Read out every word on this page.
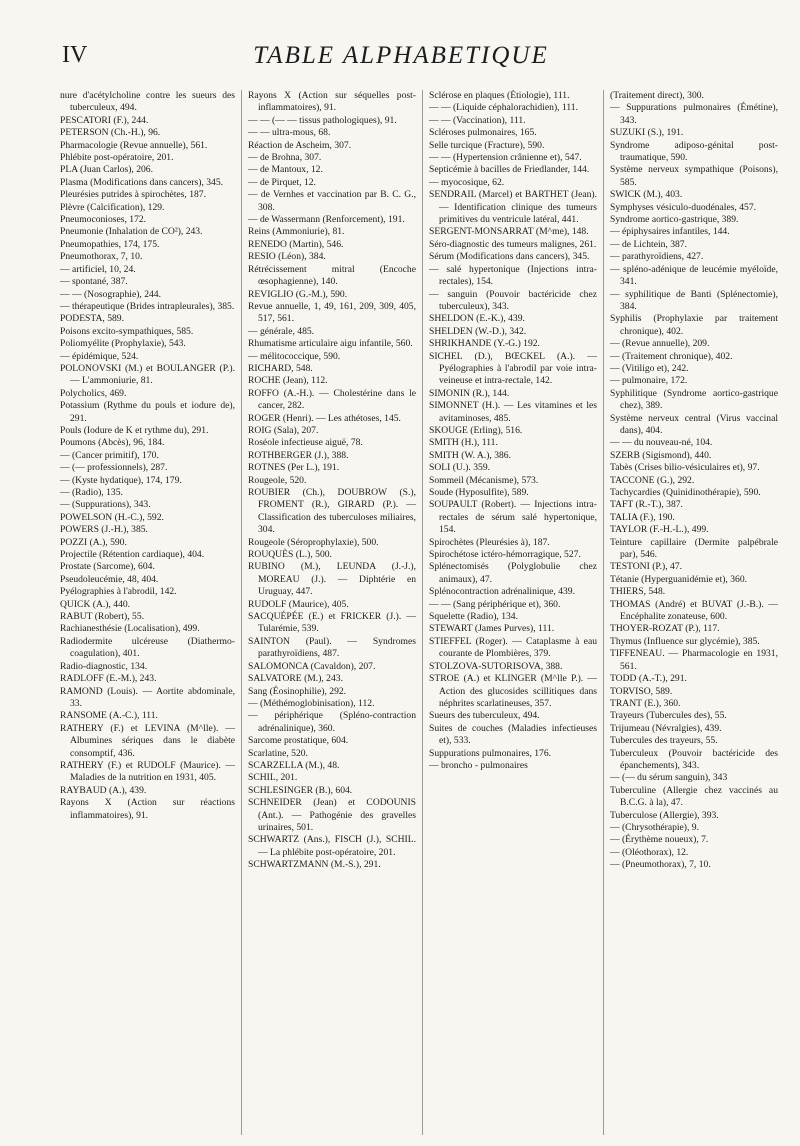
IV	TABLE ALPHABETIQUE

nure d'acétylcholine contre les sueurs des tuberculeux, 494.

PESCATORI (F.), 244.

PETERSON (Ch.-H.), 96.

Pharmacologie (Revue annuelle), 561.

Phlébite post-opératoire, 201.

PLA (Juan Carlos), 206.

Plasma (Modifications dans cancers), 345.

Pleurésies putrides à spirochètes, 187.

Plèvre (Calcification), 129.

Pneumoconioses, 172.

Pneumonie (Inhalation de CO²), 243.

Pneumopathies, 174, 175.

Pneumothorax, 7, 10.

— artificiel, 10, 24.

— spontané, 387.

— — (Nosographie), 244.

— thérapeutique (Brides intrapleurales), 385.

PODESTA, 589.

Poisons excito-sympathiques, 585.

Poliomyélite (Prophylaxie), 543.

— épidémique, 524.

POLONOVSKI (M.) et BOULANGER (P.). — L'ammoniurie, 81.

Polycholics, 469.

Potassium (Rythme du pouls et iodure de), 291.

Pouls (Iodure de K et rythme du), 291.

Poumons (Abcès), 96, 184.

— (Cancer primitif), 170.

— (— professionnels), 287.

— (Kyste hydatique), 174, 179.

— (Radio), 135.

— (Suppurations), 343.

POWELSON (H.-C.), 592.

POWERS (J.-H.), 385.

POZZI (A.), 590.

Projectile (Rétention cardiaque), 404.

Prostate (Sarcome), 604.

Pseudoleucémie, 48, 404.

Pyélographies à l'abrodil, 142.

QUICK (A.), 440.

RABUT (Robert), 55.

Rachianesthésie (Localisation), 499.

Radiodermite ulcéreuse (Diathermo-coagulation), 401.

Radio-diagnostic, 134.

RADLOFF (E.-M.), 243.

RAMOND (Louis). — Aortite abdominale, 33.

RANSOME (A.-C.), 111.

RATHERY (F.) et LEVINA (M^lle). — Albumines sériques dans le diabète consomptif, 436.

RATHERY (F.) et RUDOLF (Maurice). — Maladies de la nutrition en 1931, 405.

RAYBAUD (A.), 439.

Rayons X (Action sur réactions inflammatoires), 91.

Rayons X (Action sur séquelles post-inflammatoires), 91.

— — (— — tissus pathologiques), 91.

— — ultra-mous, 68.

Réaction de Ascheim, 307.

— de Brohna, 307.

— de Mantoux, 12.

— de Pirquet, 12.

— de Vernhes et vaccination par B. C. G., 308.

— de Wassermann (Renforcement), 191.

Reins (Ammoniurie), 81.

RENEDO (Martin), 546.

RESIO (Léon), 384.

Rétrécissement mitral (Encoche œsophagienne), 140.

REVIGLIO (G.-M.), 590.

Revue annuelle, 1, 49, 161, 209, 309, 405, 517, 561.

— générale, 485.

Rhumatisme articulaire aigu infantile, 560.

— mélitococcique, 590.

RICHARD, 548.

ROCHE (Jean), 112.

ROFFO (A.-H.). — Cholestérine dans le cancer, 282.

ROGER (Henri). — Les athétoses, 145.

ROIG (Sala), 207.

Roséole infectieuse aiguë, 78.

ROTHBERGER (J.), 388.

ROTNES (Per L.), 191.

Rougeole, 520.

ROUBIER (Ch.), DOUBROW (S.), FROMENT (R.), GIRARD (P.). — Classification des tuberculoses miliaires, 304.

Rougeole (Séroprophylaxie), 500.

ROUQUÈS (L.), 500.

RUBINO (M.), LEUNDA (J.-J.), MOREAU (J.). — Diphtérie en Uruguay, 447.

RUDOLF (Maurice), 405.

SACQUÉPÉE (E.) et FRICKER (J.). — Tularémie, 539.

SAINTON (Paul). — Syndromes parathyroïdiens, 487.

SALOMONCA (Cavaldon), 207.

SALVATORE (M.), 243.

Sang (Éosinophilie), 292.

— (Méthémoglobinisation), 112.

— périphérique (Spléno-contraction adrénalinique), 360.

Sarcome prostatique, 604.

Scarlatine, 520.

SCARZELLA (M.), 48.

SCHIL, 201.

SCHLESINGER (B.), 604.

SCHNEIDER (Jean) et CODOUNIS (Ant.). — Pathogénie des gravelles urinaires, 501.

SCHWARTZ (Ans.), FISCH (J.), SCHIL. — La phlébite post-opératoire, 201.

SCHWARTZMANN (M.-S.), 291.

Sclérose en plaques (Étiologie), 111.

— — (Liquide céphalorachidien), 111.

— — (Vaccination), 111.

Scléroses pulmonaires, 165.

Selle turcique (Fracture), 590.

— — (Hypertension crânienne et), 547.

Septicémie à bacilles de Friedlander, 144.

— myocosique, 62.

SENDRAIL (Marcel) et BARTHET (Jean). — Identification clinique des tumeurs primitives du ventricule latéral, 441.

SERGENT-MONSARRAT (M^me), 148.

Séro-diagnostic des tumeurs malignes, 261.

Sérum (Modifications dans cancers), 345.

— salé hypertonique (Injections intra-rectales), 154.

— sanguin (Pouvoir bactéricide chez tuberculeux), 343.

SHELDON (E.-K.), 439.

SHELDEN (W.-D.), 342.

SHRIKHANDE (Y.-G.) 192.

SICHEL (D.), BŒCKEL (A.). — Pyélographies à l'abrodil par voie intra-veineuse et intra-rectale, 142.

SIMONIN (R.), 144.

SIMONNET (H.). — Les vitamines et les avitaminoses, 485.

SKOUGE (Erling), 516.

SMITH (H.), 111.

SMITH (W. A.), 386.

SOLI (U.). 359.

Sommeil (Mécanisme), 573.

Soude (Hyposulfite), 589.

SOUPAULT (Robert). — Injections intra-rectales de sérum salé hypertonique, 154.

Spirochètes (Pleurésies à), 187.

Spirochétose ictéro-hémorragique, 527.

Splénectomisés (Polyglobulie chez animaux), 47.

Splénocontraction adrénalinique, 439.

— — (Sang périphérique et), 360.

Squelette (Radio), 134.

STEWART (James Purves), 111.

STIEFFEL (Roger). — Cataplasme à eau courante de Plombières, 379.

STOLZOVA-SUTORISOVA, 388.

STROE (A.) et KLINGER (M^lle P.). — Action des glucosides scillitiques dans néphrites scarlatineuses, 357.

Sueurs des tuberculeux, 494.

Suites de couches (Maladies infectieuses et), 533.

Suppurations pulmonaires, 176.

— broncho - pulmonaires

(Traitement direct), 300.

— Suppurations pulmonaires (Émétine), 343.

SUZUKI (S.), 191.

Syndrome adiposo-génital post-traumatique, 590.

Système nerveux sympathique (Poisons), 585.

SWICK (M.), 403.

Symphyses vésiculo-duodénales, 457.

Syndrome aortico-gastrique, 389.

— épiphysaires infantiles, 144.

— de Lichtein, 387.

— parathyroïdiens, 427.

— spléno-adénique de leucémie myéloïde, 341.

— syphilitique de Banti (Splénectomie), 384.

Syphilis (Prophylaxie par traitement chronique), 402.

— (Revue annuelle), 209.

— (Traitement chronique), 402.

— (Vitiligo et), 242.

— pulmonaire, 172.

Syphilitique (Syndrome aortico-gastrique chez), 389.

Système nerveux central (Virus vaccinal dans), 404.

— — du nouveau-né, 104.

SZERB (Sigismond), 440.

Tabès (Crises bilio-vésiculaires et), 97.

TACCONE (G.), 292.

Tachycardies (Quinidinothérapie), 590.

TAFT (R.-T.), 387.

TALIA (F.), 190.

TAYLOR (F.-H.-L.), 499.

Teinture capillaire (Dermite palpébrale par), 546.

TESTONI (P.), 47.

Tétanie (Hyperguanidémie et), 360.

THIERS, 548.

THOMAS (André) et BUVAT (J.-B.). — Encéphalite zonateuse, 600.

THOYER-ROZAT (P.), 117.

Thymus (Influence sur glycémie), 385.

TIFFENEAU. — Pharmacologie en 1931, 561.

TODD (A.-T.), 291.

TORVISO, 589.

TRANT (E.), 360.

Trayeurs (Tubercules des), 55.

Trijumeau (Névralgies), 439.

Tubercules des trayeurs, 55.

Tuberculeux (Pouvoir bactéricide des épanchements), 343.

— (— du sérum sanguin), 343

Tuberculine (Allergie chez vaccinés au B.C.G. à la), 47.

Tuberculose (Allergie), 393.

— (Chrysothérapie), 9.

— (Érythème noueux), 7.

— (Oléothorax), 12.

— (Pneumothorax), 7, 10.
